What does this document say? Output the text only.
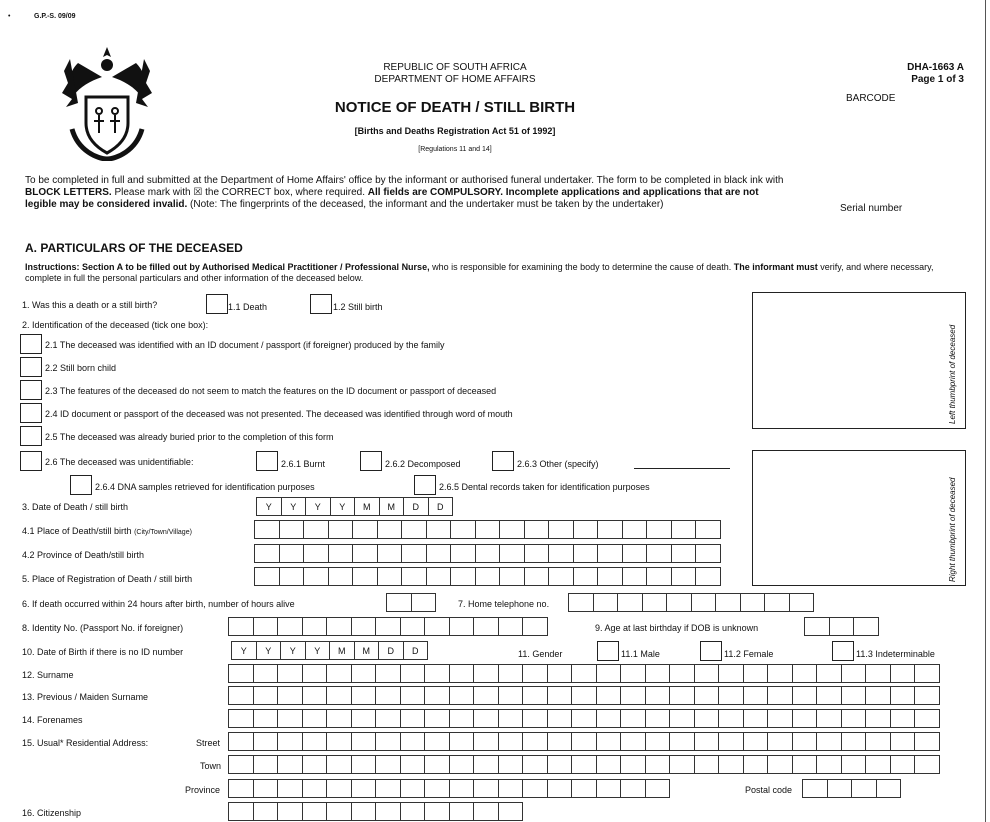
•	G.P.-S. 09/09
REPUBLIC OF SOUTH AFRICA
DEPARTMENT OF HOME AFFAIRS
NOTICE OF DEATH / STILL BIRTH
[Births and Deaths Registration Act 51 of 1992]
[Regulations 11 and 14]
DHA-1663 A
Page 1 of 3
BARCODE
To be completed in full and submitted at the Department of Home Affairs' office by the informant or authorised funeral undertaker. The form to be completed in black ink with BLOCK LETTERS. Please mark with ☒ the CORRECT box, where required. All fields are COMPULSORY. Incomplete applications and applications that are not legible may be considered invalid. (Note: The fingerprints of the deceased, the informant and the undertaker must be taken by the undertaker)	Serial number
A. PARTICULARS OF THE DECEASED
Instructions: Section A to be filled out by Authorised Medical Practitioner / Professional Nurse, who is responsible for examining the body to determine the cause of death. The informant must verify, and where necessary, complete in full the personal particulars and other information of the deceased below.
Left thumbprint of deceased
Right thumbprint of deceased
1. Was this a death or a still birth?	1.1 Death	1.2 Still birth
2. Identification of the deceased (tick one box):
2.1 The deceased was identified with an ID document / passport (if foreigner) produced by the family
2.2 Still born child
2.3 The features of the deceased do not seem to match the features on the ID document or passport of deceased
2.4 ID document or passport of the deceased was not presented. The deceased was identified through word of mouth
2.5 The deceased was already buried prior to the completion of this form
2.6 The deceased was unidentifiable:	2.6.1 Burnt	2.6.2 Decomposed	2.6.3 Other (specify)
2.6.4 DNA samples retrieved for identification purposes	2.6.5 Dental records taken for identification purposes
3. Date of Death / still birth	Y	Y	Y	Y	M	M	D	D
4.1 Place of Death/still birth (City/Town/Village)
4.2 Province of Death/still birth
5. Place of Registration of Death / still birth
6. If death occurred within 24 hours after birth, number of hours alive	7. Home telephone no.
8. Identity No. (Passport No. if foreigner)	9. Age at last birthday if DOB is unknown
10. Date of Birth if there is no ID number	Y	Y	Y	Y	M	M	D	D	11. Gender	11.1 Male	11.2 Female	11.3 Indeterminable
12. Surname
13. Previous / Maiden Surname
14. Forenames
15. Usual* Residential Address:	Street
Town
Province	Postal code
16. Citizenship
